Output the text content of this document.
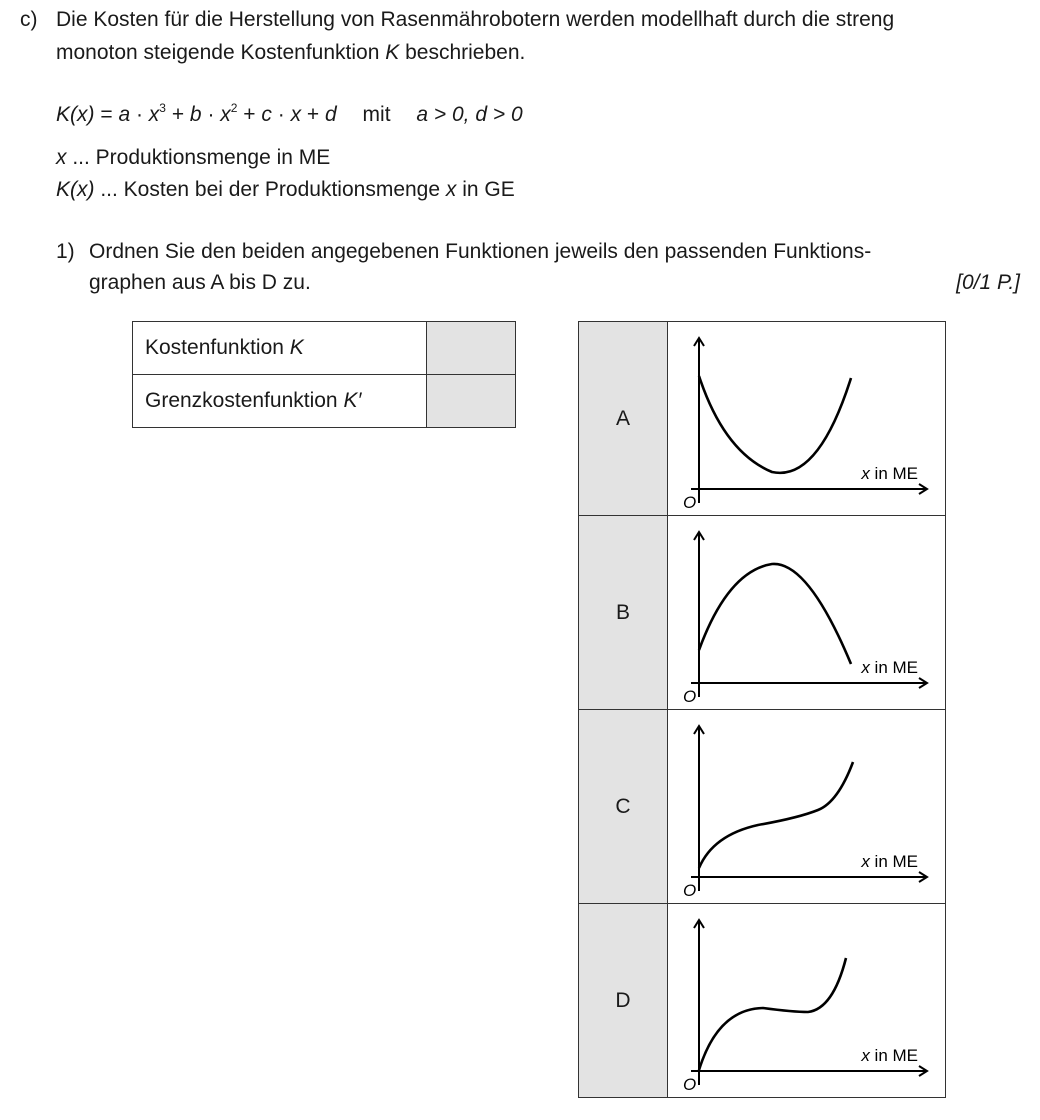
c) Die Kosten für die Herstellung von Rasenmährobotern werden modellhaft durch die streng
monoton steigende Kostenfunktion K beschrieben.
$K(x) = a \cdot x^3 + b \cdot x^2 + c \cdot x + d$ mit a > 0, d > 0
x ... Produktionsmenge in ME
K(x) ... Kosten bei der Produktionsmenge x in GE
1) Ordnen Sie den beiden angegebenen Funktionen jeweils den passenden Funktions-
graphen aus A bis D zu.	[0/1 P.]
Kostenfunktion K	
Grenzkostenfunktion K′	
A	x in ME
O

B	x in ME
O

C	x in ME
O

D	x in ME
O
